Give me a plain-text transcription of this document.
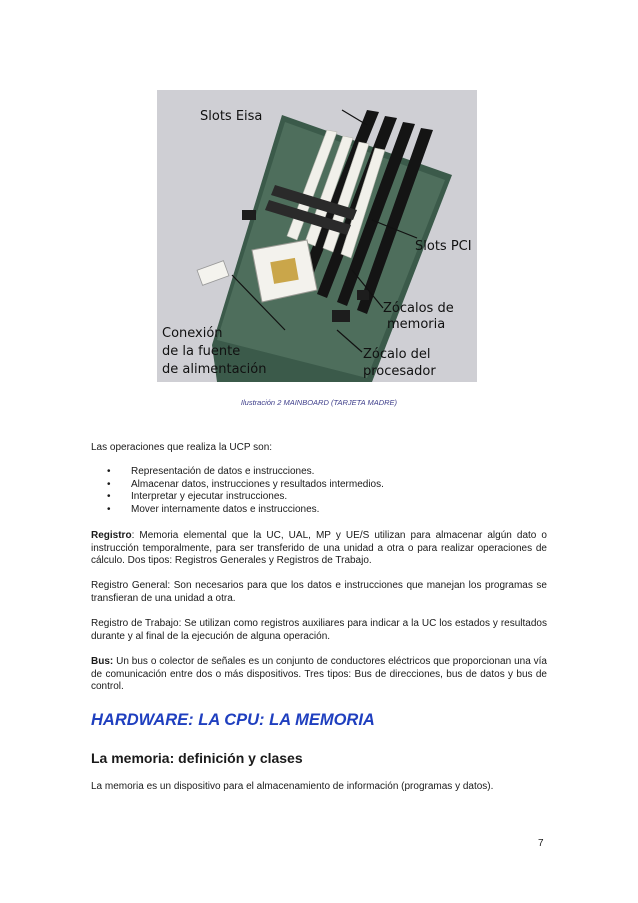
Slots Eisa
Slots PCI
Zócalos de
memoria
Zócalo del
procesador
Conexión
de la fuente
de alimentación
Ilustración 2 MAINBOARD (TARJETA MADRE)
Las operaciones que realiza la UCP son:
• Representación de datos e instrucciones.
• Almacenar datos, instrucciones y resultados intermedios.
• Interpretar y ejecutar instrucciones.
• Mover internamente datos e instrucciones.

Registro: Memoria elemental que la UC, UAL, MP y UE/S utilizan para almacenar algún dato o instrucción temporalmente, para ser transferido de una unidad a otra o para realizar operaciones de cálculo. Dos tipos: Registros Generales y Registros de Trabajo.

Registro General: Son necesarios para que los datos e instrucciones que manejan los programas se transfieran de una unidad a otra.

Registro de Trabajo: Se utilizan como registros auxiliares para indicar a la UC los estados y resultados durante y al final de la ejecución de alguna operación.

Bus: Un bus o colector de señales es un conjunto de conductores eléctricos que proporcionan una vía de comunicación entre dos o más dispositivos. Tres tipos: Bus de direcciones, bus de datos y bus de control.

HARDWARE: LA CPU: LA MEMORIA
La memoria: definición y clases
La memoria es un dispositivo para el almacenamiento de información (programas y datos).
7
